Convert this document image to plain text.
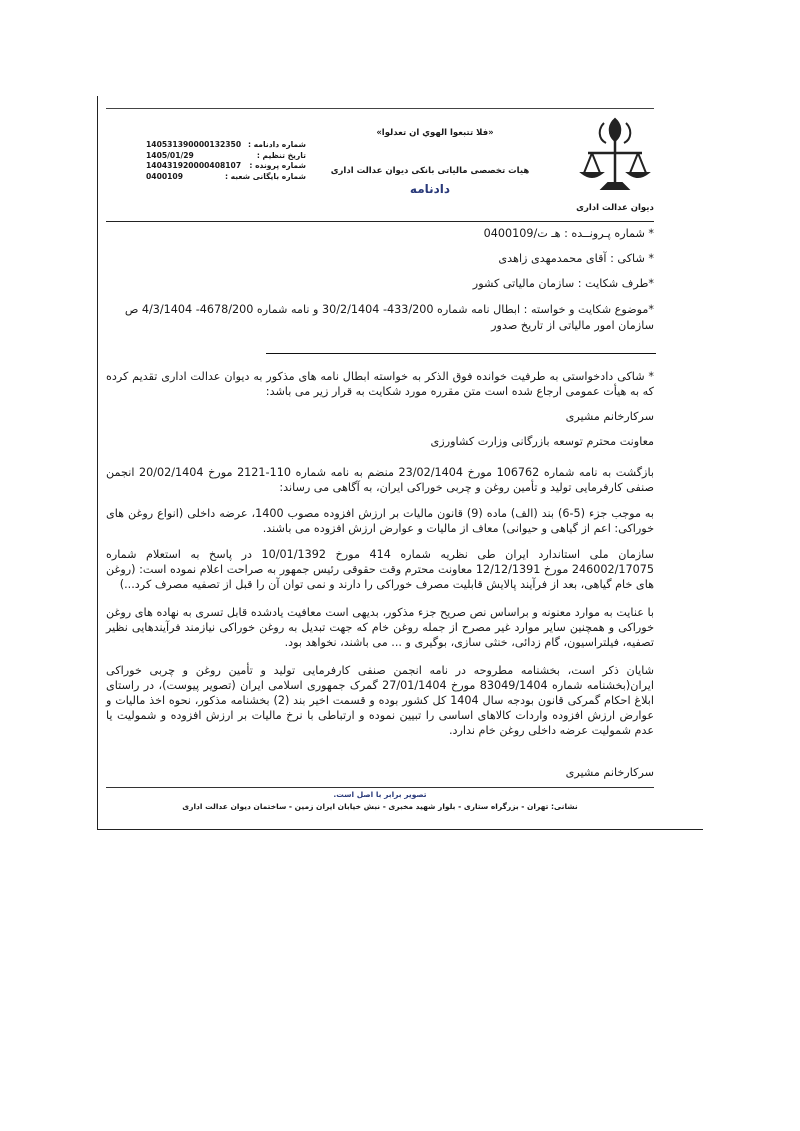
دیوان عدالت اداری
«فلا تتبعوا الهوي ان تعدلوا»
هیات تخصصی مالیاتی بانکی دیوان عدالت اداری
دادنامه
140531390000132350 شماره دادنامه :
1405/01/29	تاریخ تنظیم :
140431920000408107 شماره پرونده :
0400109	شماره بایگانی شعبه :
* شماره پـرونــده : هـ ت/0400109
* شاکی : آقای محمدمهدی زاهدی
*طرف شکایت : سازمان مالیاتی کشور
*موضوع شکایت و خواسته : ابطال نامه شماره 433/200- 30/2/1404 و نامه شماره 4678/200- 4/3/1404 ص
سازمان امور مالیاتی از تاریخ صدور
* شاکی دادخواستی به طرفیت خوانده فوق الذکر به خواسته ابطال نامه های مذکور به دیوان عدالت اداری تقدیم کرده که به هیأت عمومی ارجاع شده است متن مقرره مورد شکایت به قرار زیر می باشد:
سرکارخانم مشیری
معاونت محترم توسعه بازرگانی وزارت کشاورزی
بازگشت به نامه شماره 106762 مورخ 23/02/1404 منضم به نامه شماره 110-2121 مورخ 20/02/1404 انجمن صنفی کارفرمایی تولید و تأمین روغن و چربی خوراکی ایران، به آگاهی می رساند:
به موجب جزء (5-6) بند (الف) ماده (9) قانون مالیات بر ارزش افزوده مصوب 1400، عرضه داخلی (انواع روغن های خوراکی: اعم از گیاهی و حیوانی) معاف از مالیات و عوارض ارزش افزوده می باشند.
سازمان ملی استاندارد ایران طی نظریه شماره 414 مورخ 10/01/1392 در پاسخ به استعلام شماره 246002/17075 مورخ 12/12/1391 معاونت محترم وقت حقوقی رئیس جمهور به صراحت اعلام نموده است: (روغن های خام گیاهی، بعد از فرآیند پالایش قابلیت مصرف خوراکی را دارند و نمی توان آن را قبل از تصفیه مصرف کرد...)
با عنایت به موارد معنونه و براساس نص صریح جزء مذکور، بدیهی است معافیت یادشده قابل تسری به نهاده های روغن خوراکی و همچنین سایر موارد غیر مصرح از جمله روغن خام که جهت تبدیل به روغن خوراکی نیازمند فرآیندهایی نظیر تصفیه، فیلتراسیون، گام زدائی، خنثی سازی، بوگیری و ... می باشند، نخواهد بود.
شایان ذکر است، بخشنامه مطروحه در نامه انجمن صنفی کارفرمایی تولید و تأمین روغن و چربی خوراکی ایران(بخشنامه شماره 83049/1404 مورخ 27/01/1404 گمرک جمهوری اسلامی ایران (تصویر پیوست)، در راستای ابلاغ احکام گمرکی قانون بودجه سال 1404 کل کشور بوده و قسمت اخیر بند (2) بخشنامه مذکور، نحوه اخذ مالیات و عوارض ارزش افزوده واردات کالاهای اساسی را تبیین نموده و ارتباطی با نرخ مالیات بر ارزش افزوده و شمولیت یا عدم شمولیت عرضه داخلی روغن خام ندارد.
سرکارخانم مشیری
تصویر برابر با اصل است.
نشانی: تهران - بزرگراه ستاری - بلوار شهید مخبری - نبش خیابان ایران زمین - ساختمان دیوان عدالت اداری
